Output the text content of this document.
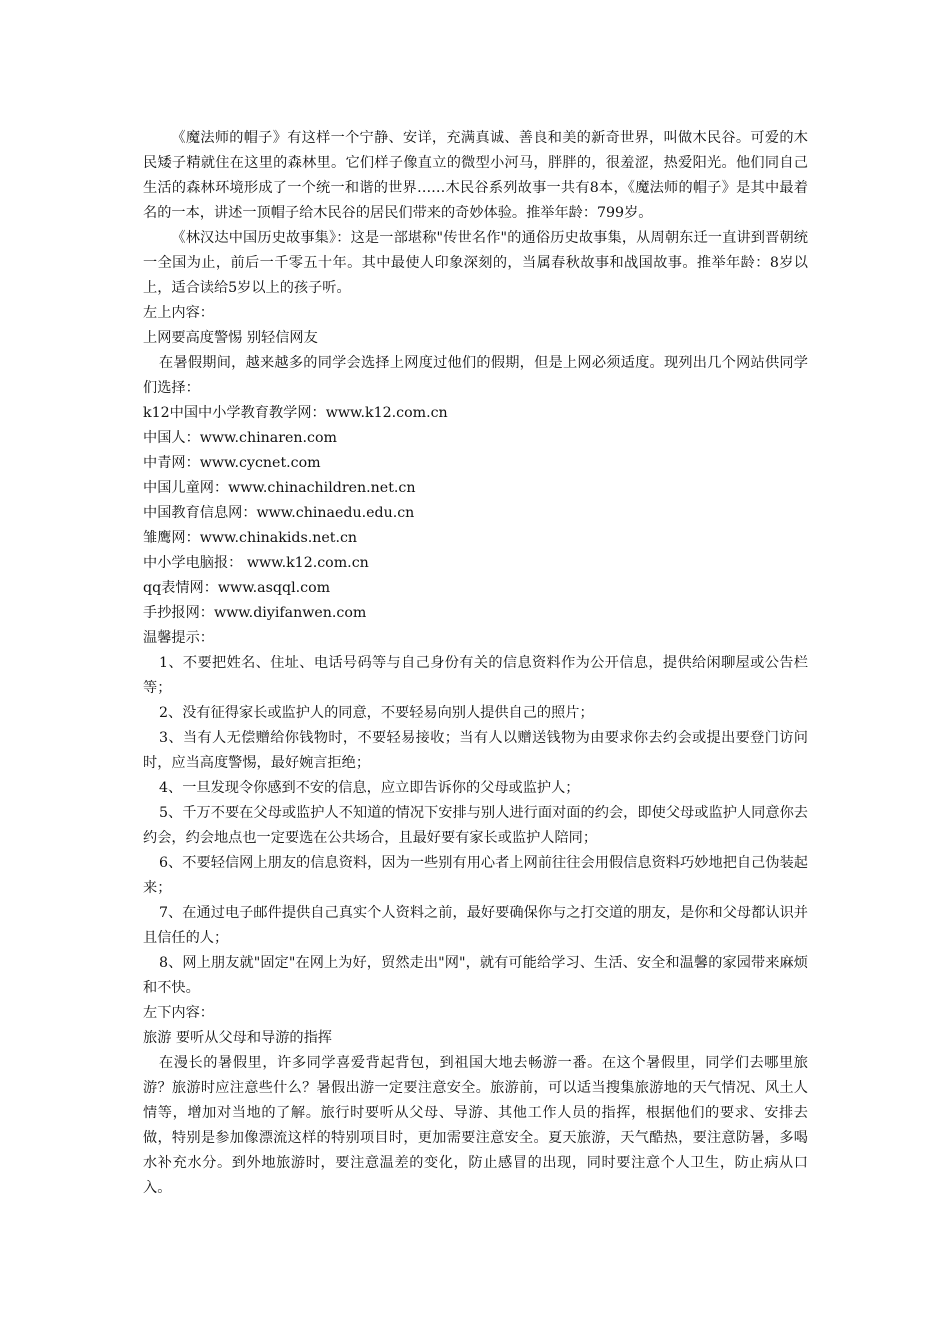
《魔法师的帽子》有这样一个宁静、安详，充满真诚、善良和美的新奇世界，叫做木民谷。可爱的木民矮子精就住在这里的森林里。它们样子像直立的微型小河马，胖胖的，很羞涩，热爱阳光。他们同自己生活的森林环境形成了一个统一和谐的世界……木民谷系列故事一共有8本，《魔法师的帽子》是其中最着名的一本，讲述一顶帽子给木民谷的居民们带来的奇妙体验。推举年龄：799岁。

《林汉达中国历史故事集》：这是一部堪称"传世名作"的通俗历史故事集，从周朝东迁一直讲到晋朝统一全国为止，前后一千零五十年。其中最使人印象深刻的，当属春秋故事和战国故事。推举年龄：8岁以上，适合读给5岁以上的孩子听。

左上内容：

上网要高度警惕 别轻信网友

在暑假期间，越来越多的同学会选择上网度过他们的假期，但是上网必须适度。现列出几个网站供同学们选择：

k12中国中小学教育教学网：www.k12.com.cn

中国人：www.chinaren.com

中青网：www.cycnet.com

中国儿童网：www.chinachildren.net.cn

中国教育信息网：www.chinaedu.edu.cn

雏鹰网：www.chinakids.net.cn

中小学电脑报： www.k12.com.cn

qq表情网：www.asqql.com

手抄报网：www.diyifanwen.com

温馨提示：

1、不要把姓名、住址、电话号码等与自己身份有关的信息资料作为公开信息，提供给闲聊屋或公告栏等；

2、没有征得家长或监护人的同意，不要轻易向别人提供自己的照片；

3、当有人无偿赠给你钱物时，不要轻易接收；当有人以赠送钱物为由要求你去约会或提出要登门访问时，应当高度警惕，最好婉言拒绝；

4、一旦发现令你感到不安的信息，应立即告诉你的父母或监护人；

5、千万不要在父母或监护人不知道的情况下安排与别人进行面对面的约会，即使父母或监护人同意你去约会，约会地点也一定要选在公共场合，且最好要有家长或监护人陪同；

6、不要轻信网上朋友的信息资料，因为一些别有用心者上网前往往会用假信息资料巧妙地把自己伪装起来；

7、在通过电子邮件提供自己真实个人资料之前，最好要确保你与之打交道的朋友，是你和父母都认识并且信任的人；

8、网上朋友就"固定"在网上为好，贸然走出"网"，就有可能给学习、生活、安全和温馨的家园带来麻烦和不快。

左下内容：

旅游 要听从父母和导游的指挥

在漫长的暑假里，许多同学喜爱背起背包，到祖国大地去畅游一番。在这个暑假里，同学们去哪里旅游？旅游时应注意些什么？暑假出游一定要注意安全。旅游前，可以适当搜集旅游地的天气情况、风土人情等，增加对当地的了解。旅行时要听从父母、导游、其他工作人员的指挥，根据他们的要求、安排去做，特别是参加像漂流这样的特别项目时，更加需要注意安全。夏天旅游，天气酷热，要注意防暑，多喝水补充水分。到外地旅游时，要注意温差的变化，防止感冒的出现，同时要注意个人卫生，防止病从口入。
